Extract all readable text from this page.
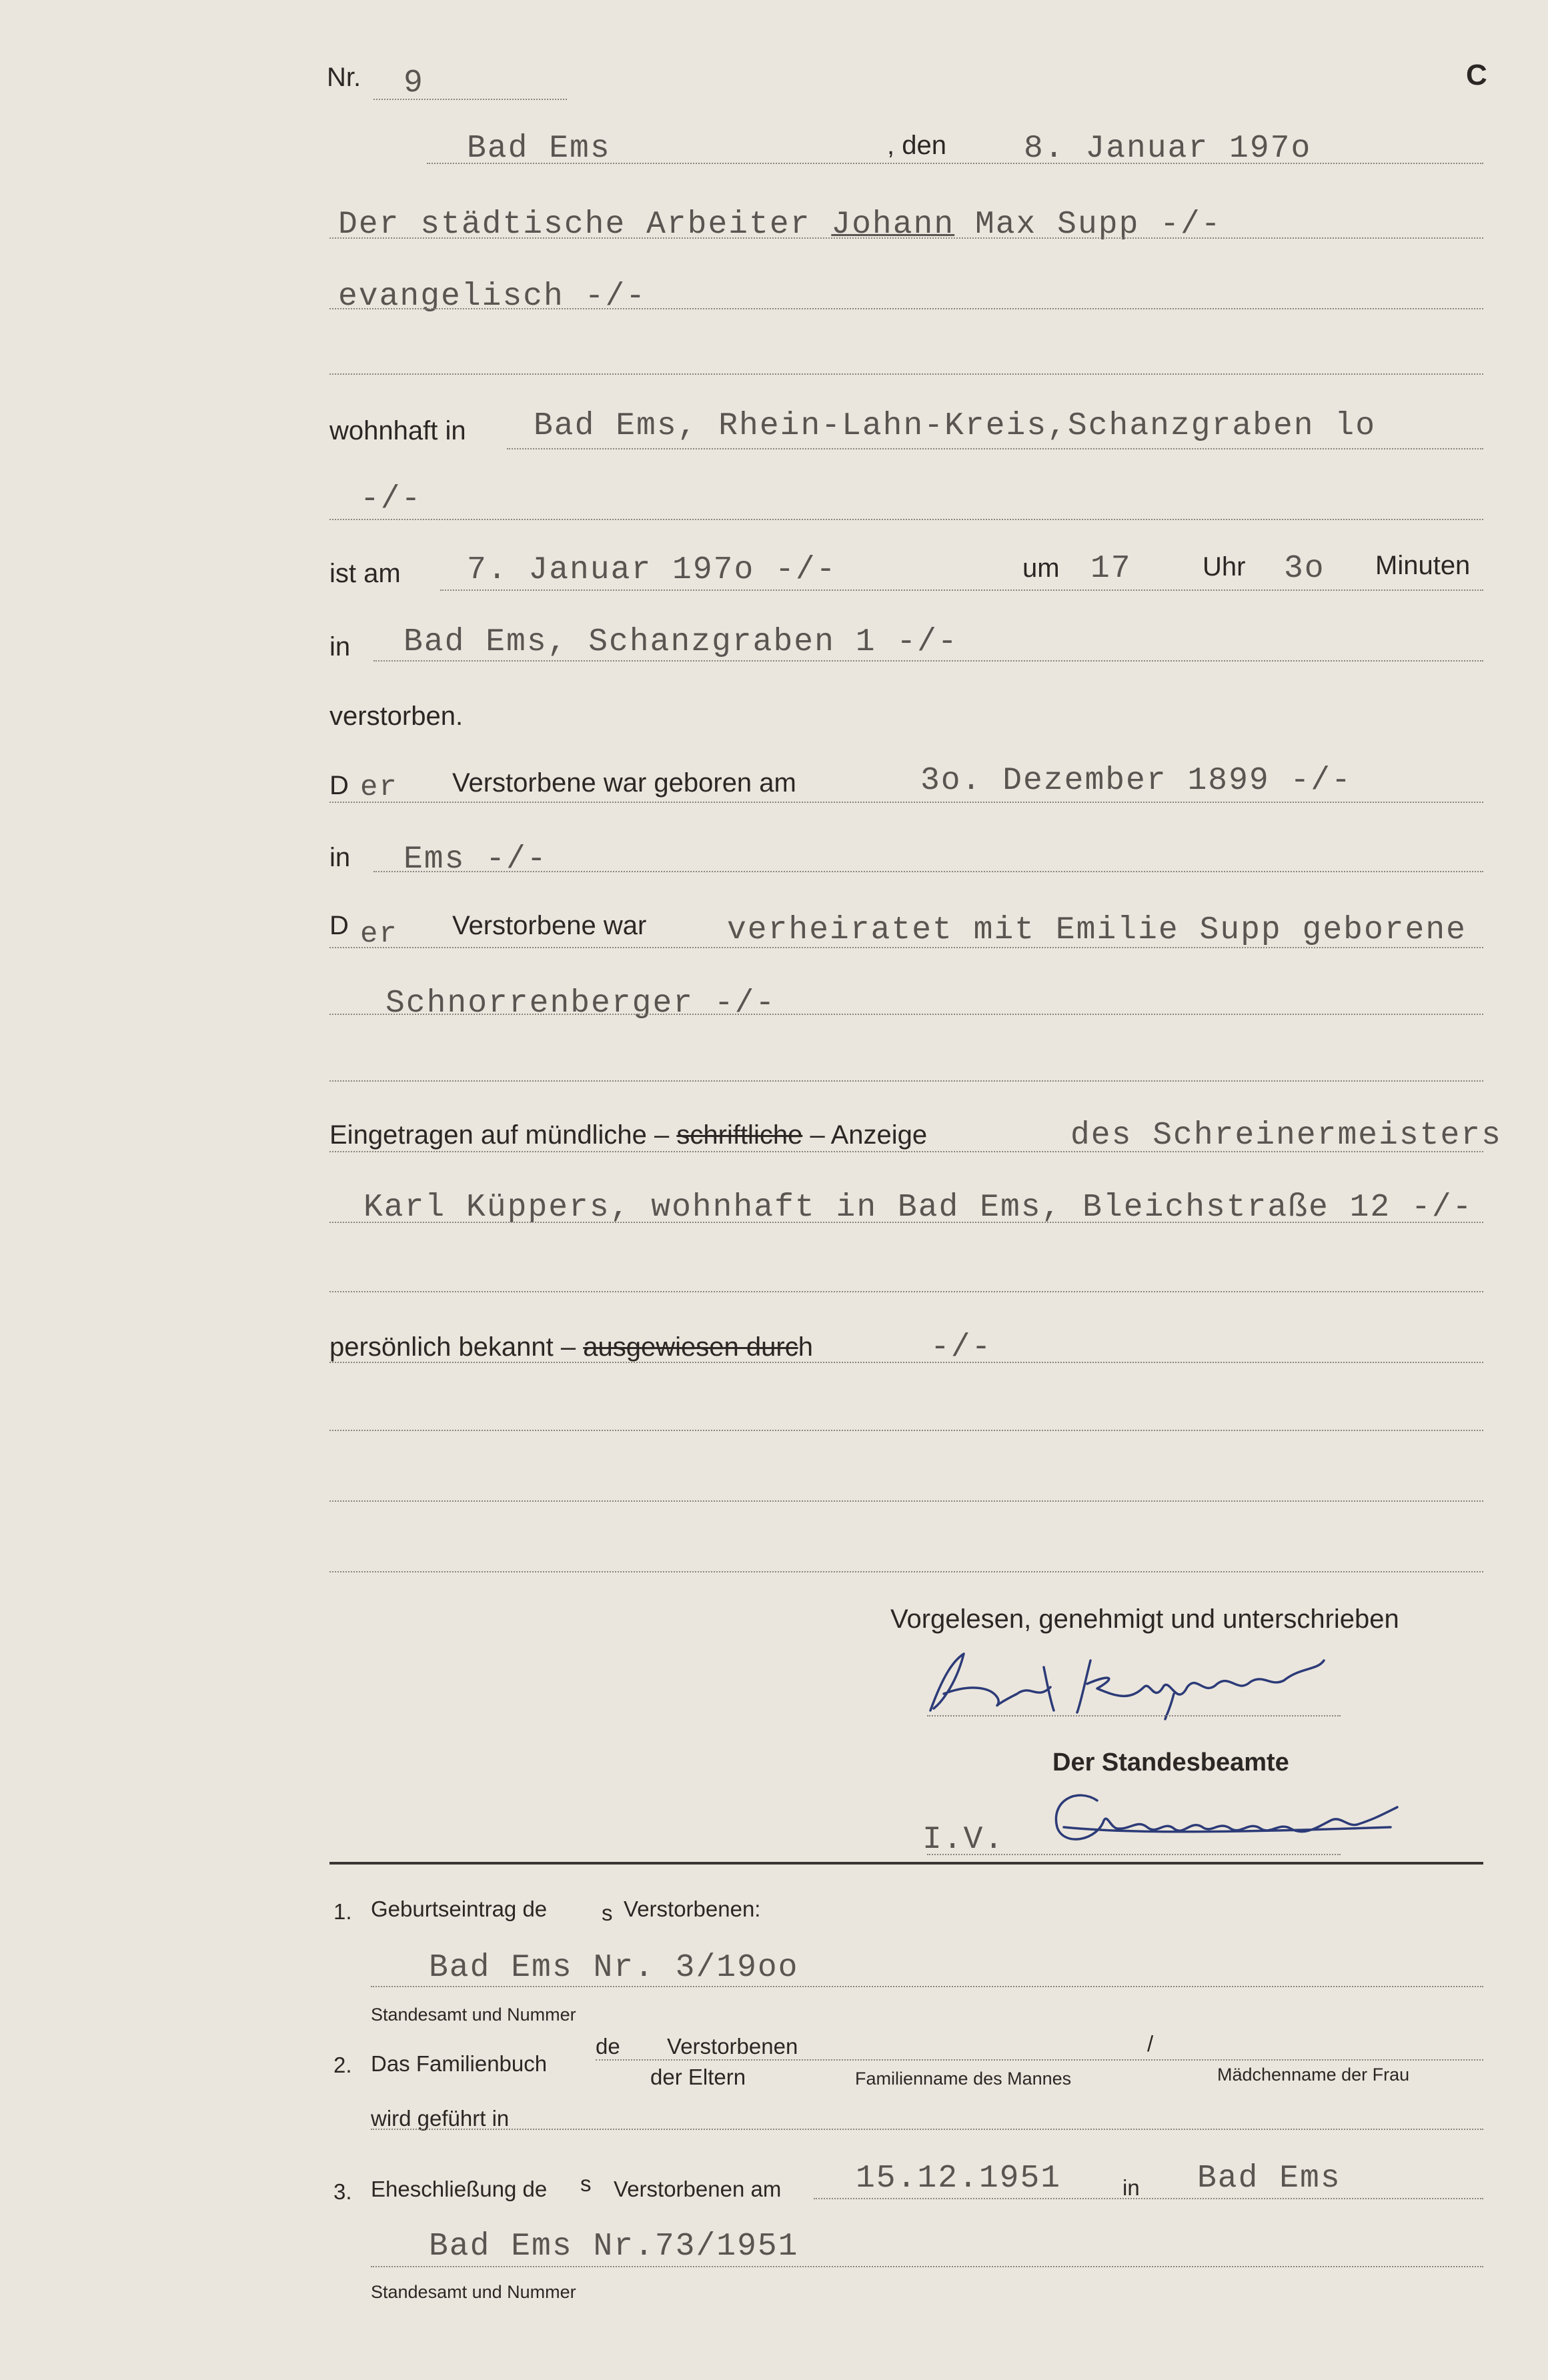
C
Nr. 9
Bad Ems	, den 8. Januar 197o
Der städtische Arbeiter Johann Max Supp -/-
evangelisch -/-
wohnhaft in Bad Ems, Rhein-Lahn-Kreis,Schanzgraben lo
-/-
ist am 7. Januar 197o -/-	um 17	Uhr 3o Minuten
in Bad Ems, Schanzgraben 1 -/-
verstorben.
D er Verstorbene war geboren am	3o. Dezember 1899 -/-
in Ems -/-
D er Verstorbene war	verheiratet mit Emilie Supp geborene
Schnorrenberger -/-
Eingetragen auf mündliche – schriftliche – Anzeige	des Schreinermeisters
Karl Küppers, wohnhaft in Bad Ems, Bleichstraße 12 -/-
persönlich bekannt – ausgewiesen durch	-/-
Vorgelesen, genehmigt und unterschrieben
Der Standesbeamte
I.V.
1. Geburtseintrag de s Verstorbenen:
Bad Ems Nr. 3/19oo
Standesamt und Nummer
2. Das Familienbuch
de Verstorbenen	/
der Eltern	Familienname des Mannes	Mädchenname der Frau
wird geführt in
3. Eheschließung de s Verstorbenen am 15.12.1951	in Bad Ems
Bad Ems Nr.73/1951
Standesamt und Nummer
